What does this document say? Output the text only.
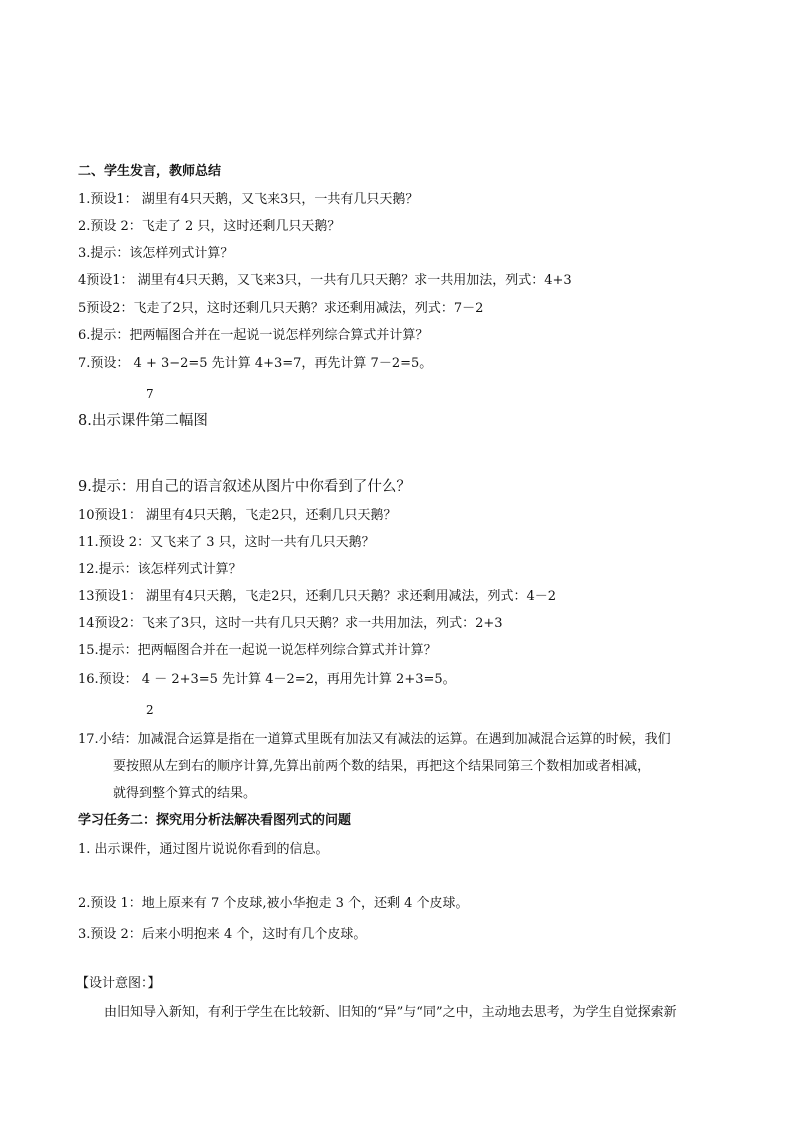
二、学生发言，教师总结
1.预设1： 湖里有4只天鹅，又飞来3只，一共有几只天鹅？
2.预设 2：飞走了 2 只，这时还剩几只天鹅？
3.提示：该怎样列式计算？
4预设1： 湖里有4只天鹅，又飞来3只，一共有几只天鹅？求一共用加法，列式：4+3
5预设2：飞走了2只，这时还剩几只天鹅？求还剩用减法，列式：7－2
6.提示：把两幅图合并在一起说一说怎样列综合算式并计算？
7.预设： 4 + 3−2=5 先计算 4+3=7，再先计算 7－2=5。
7
8.出示课件第二幅图
9.提示：用自己的语言叙述从图片中你看到了什么？
10预设1： 湖里有4只天鹅，飞走2只，还剩几只天鹅？
11.预设 2：又飞来了 3 只，这时一共有几只天鹅？
12.提示：该怎样列式计算？
13预设1： 湖里有4只天鹅，飞走2只，还剩几只天鹅？求还剩用减法，列式：4－2
14预设2：飞来了3只，这时一共有几只天鹅？求一共用加法，列式：2+3
15.提示：把两幅图合并在一起说一说怎样列综合算式并计算？
16.预设： 4 － 2+3=5 先计算 4－2=2，再用先计算 2+3=5。
2
17.小结：加减混合运算是指在一道算式里既有加法又有减法的运算。在遇到加减混合运算的时候，我们
要按照从左到右的顺序计算,先算出前两个数的结果，再把这个结果同第三个数相加或者相减，
就得到整个算式的结果。
学习任务二：探究用分析法解决看图列式的问题
1. 出示课件，通过图片说说你看到的信息。
2.预设 1：地上原来有 7 个皮球,被小华抱走 3 个，还剩 4 个皮球。
3.预设 2：后来小明抱来 4 个，这时有几个皮球。
【设计意图：】
由旧知导入新知，有利于学生在比较新、旧知的“异”与“同”之中，主动地去思考，为学生自觉探索新
